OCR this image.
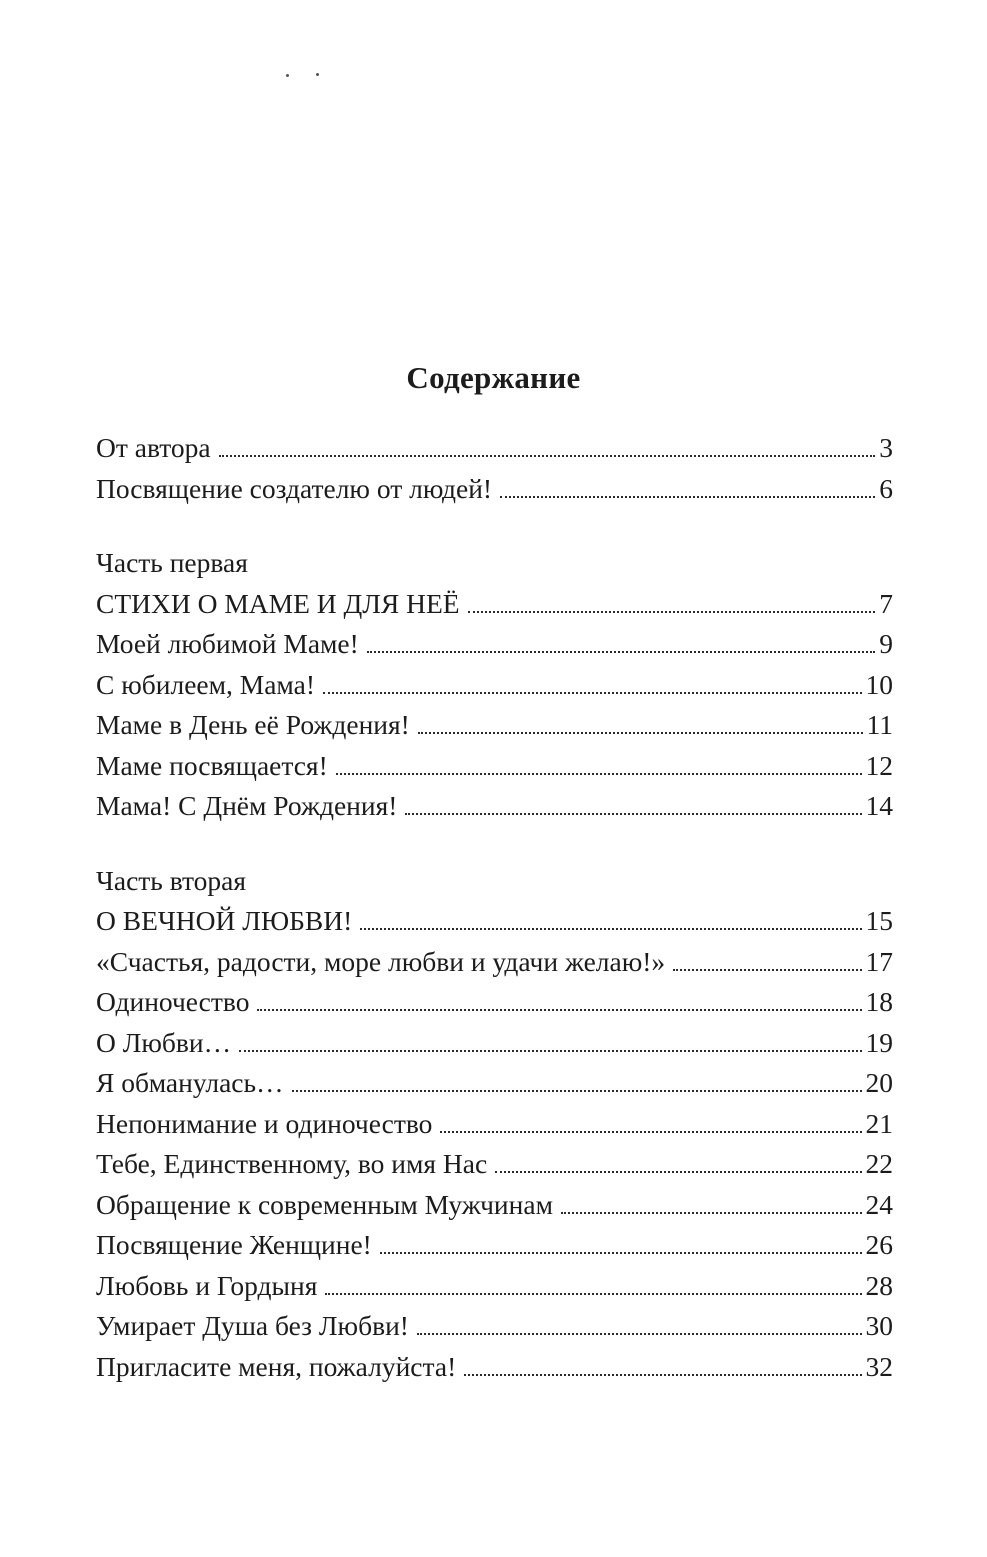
Содержание
От автора	3
Посвящение создателю от людей!	6
Часть первая
СТИХИ О МАМЕ И ДЛЯ НЕЁ	7
Моей любимой Маме!	9
С юбилеем, Мама!	10
Маме в День её Рождения!	11
Маме посвящается!	12
Мама! С Днём Рождения!	14
Часть вторая
О ВЕЧНОЙ ЛЮБВИ!	15
«Счастья, радости, море любви и удачи желаю!»	17
Одиночество	18
О Любви…	19
Я обманулась…	20
Непонимание и одиночество	21
Тебе, Единственному, во имя Нас	22
Обращение к современным Мужчинам	24
Посвящение Женщине!	26
Любовь и Гордыня	28
Умирает Душа без Любви!	30
Пригласите меня, пожалуйста!	32
